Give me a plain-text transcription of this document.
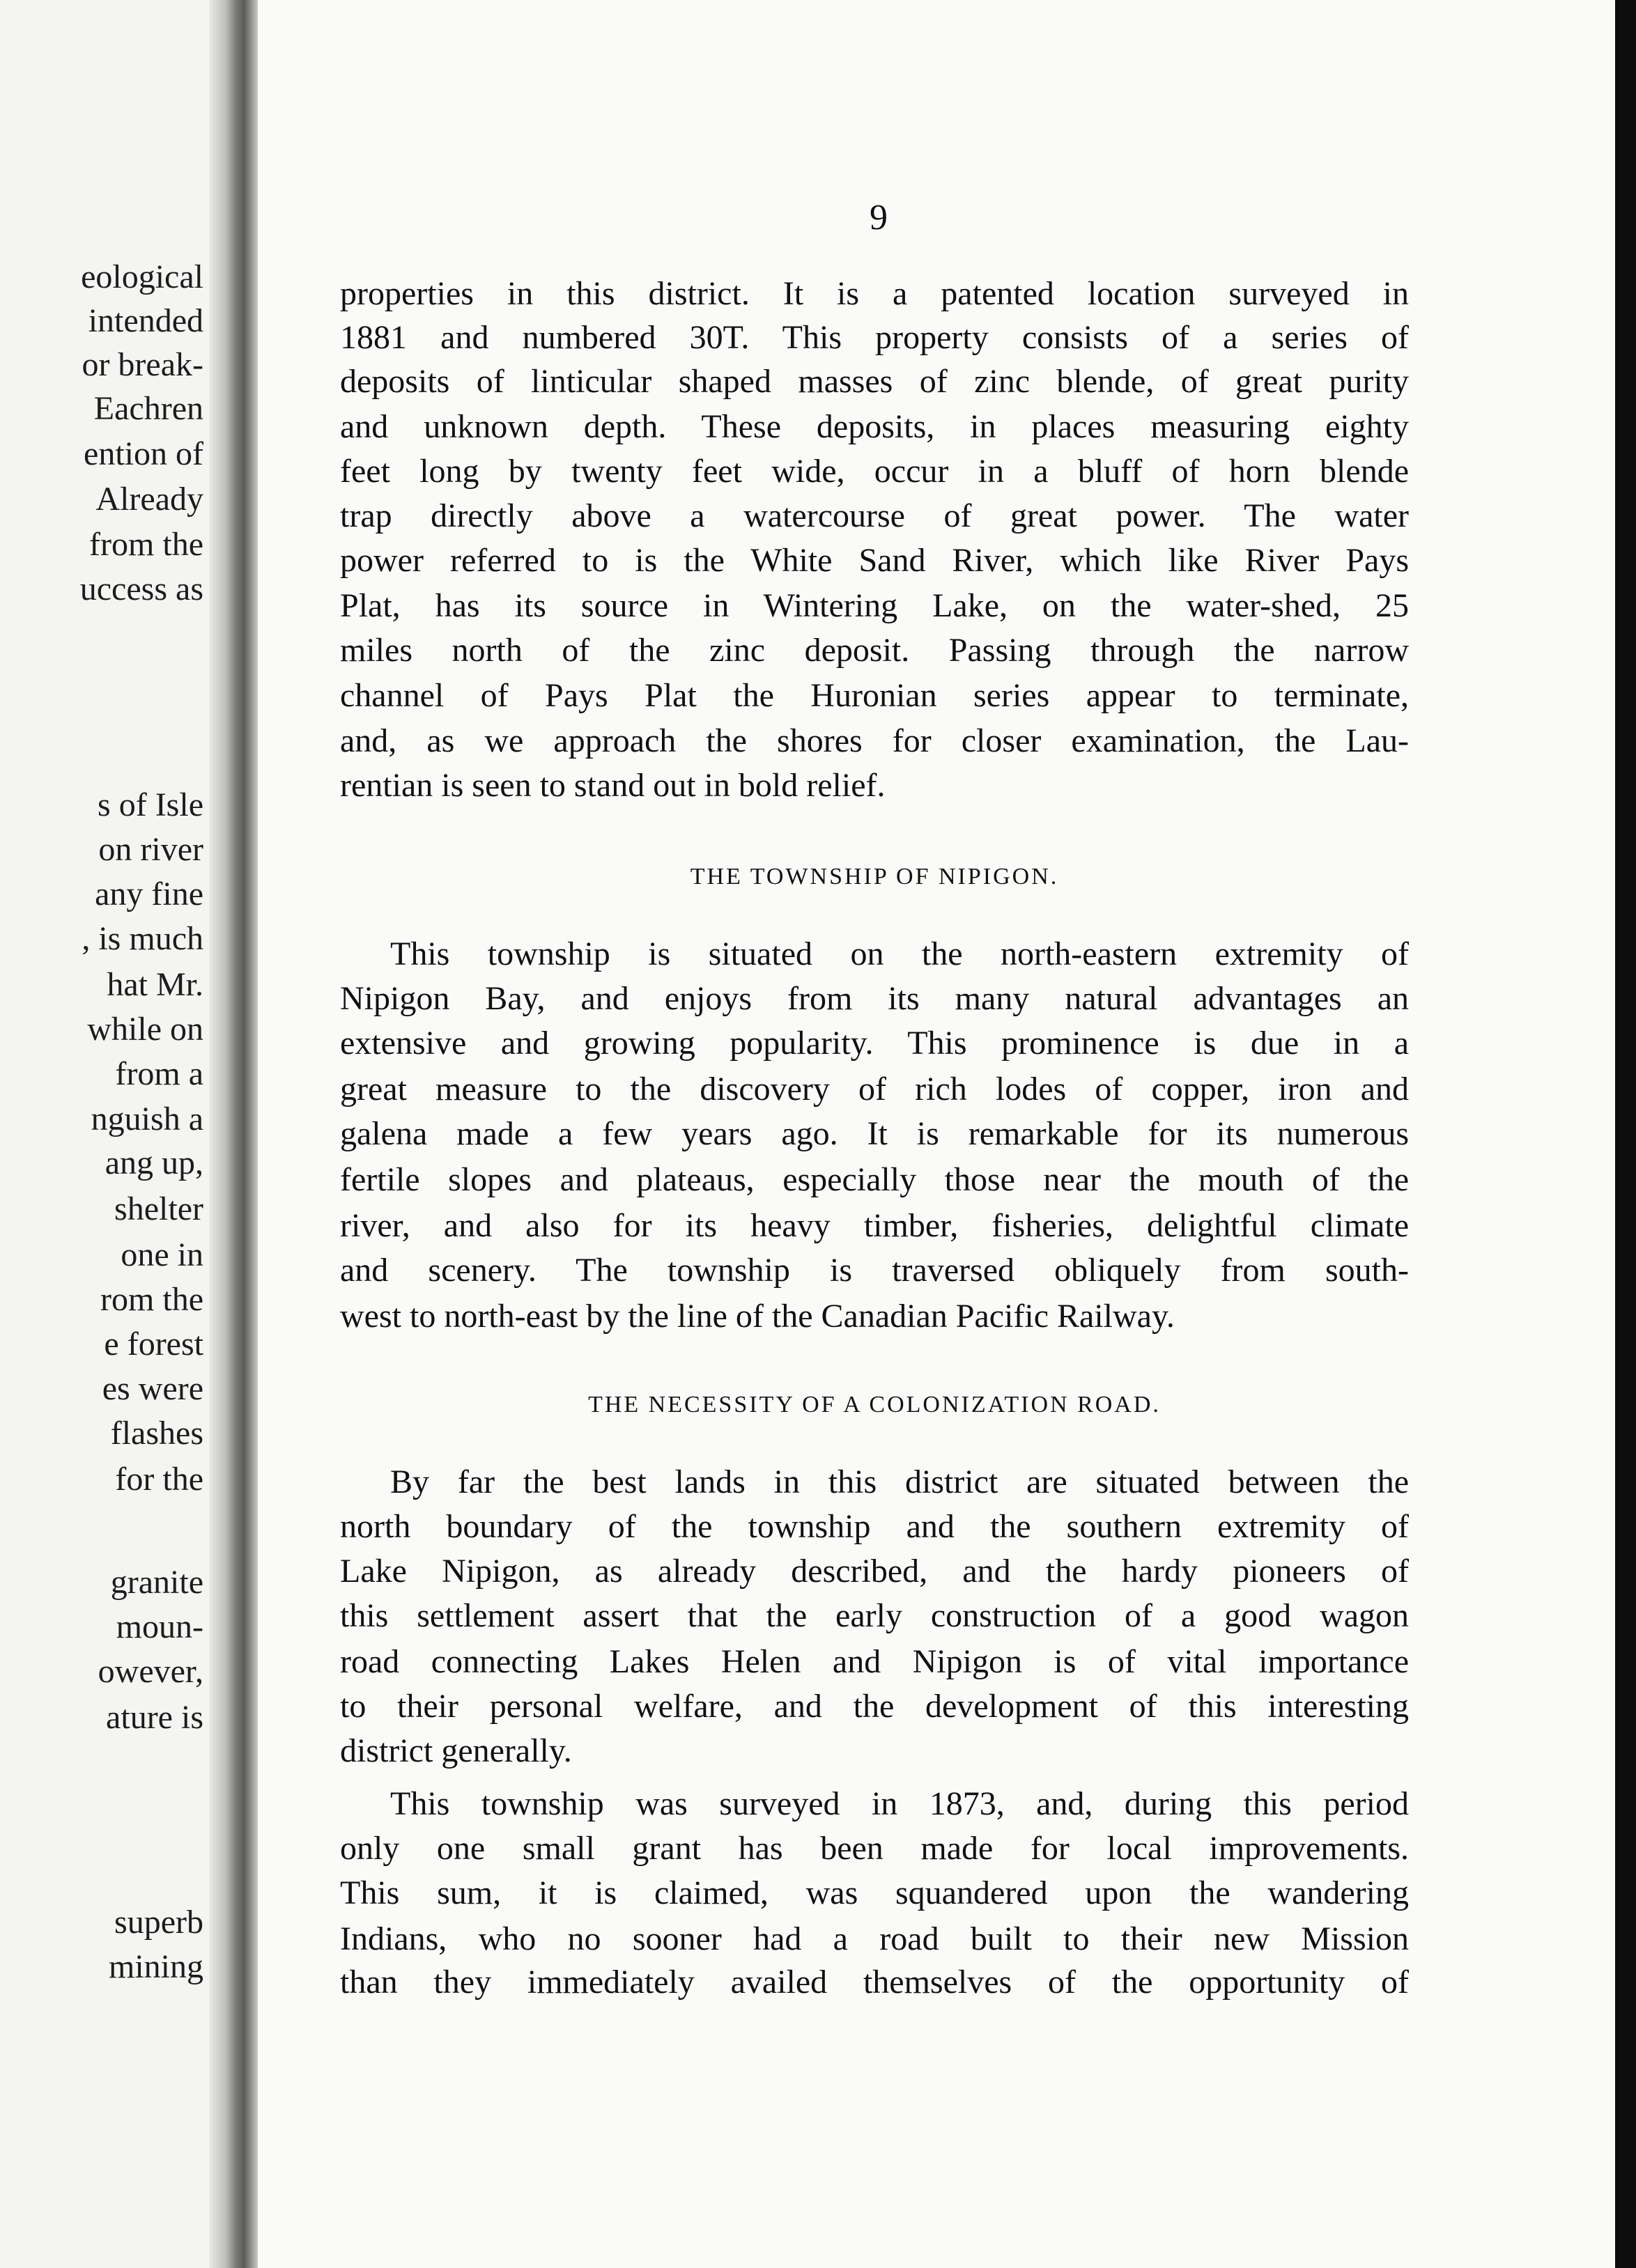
eological
intended
or break-
Eachren
ention of
Already
from the
uccess as
s of Isle
on river
any fine
, is much
hat Mr.
while on
from a
nguish a
ang up,
shelter
one in
rom the
e forest
es were
flashes
for the
granite
moun-
owever,
ature is
superb
mining
9
properties in this district. It is a patented location surveyed in
1881 and numbered 30T. This property consists of a series of
deposits of linticular shaped masses of zinc blende, of great purity
and unknown depth. These deposits, in places measuring eighty
feet long by twenty feet wide, occur in a bluff of horn blende
trap directly above a watercourse of great power. The water
power referred to is the White Sand River, which like River Pays
Plat, has its source in Wintering Lake, on the water-shed, 25
miles north of the zinc deposit. Passing through the narrow
channel of Pays Plat the Huronian series appear to terminate,
and, as we approach the shores for closer examination, the Lau-
rentian is seen to stand out in bold relief.
THE TOWNSHIP OF NIPIGON.
This township is situated on the north-eastern extremity of
Nipigon Bay, and enjoys from its many natural advantages an
extensive and growing popularity. This prominence is due in a
great measure to the discovery of rich lodes of copper, iron and
galena made a few years ago. It is remarkable for its numerous
fertile slopes and plateaus, especially those near the mouth of the
river, and also for its heavy timber, fisheries, delightful climate
and scenery. The township is traversed obliquely from south-
west to north-east by the line of the Canadian Pacific Railway.
THE NECESSITY OF A COLONIZATION ROAD.
By far the best lands in this district are situated between the
north boundary of the township and the southern extremity of
Lake Nipigon, as already described, and the hardy pioneers of
this settlement assert that the early construction of a good wagon
road connecting Lakes Helen and Nipigon is of vital importance
to their personal welfare, and the development of this interesting
district generally.
This township was surveyed in 1873, and, during this period
only one small grant has been made for local improvements.
This sum, it is claimed, was squandered upon the wandering
Indians, who no sooner had a road built to their new Mission
than they immediately availed themselves of the opportunity of
